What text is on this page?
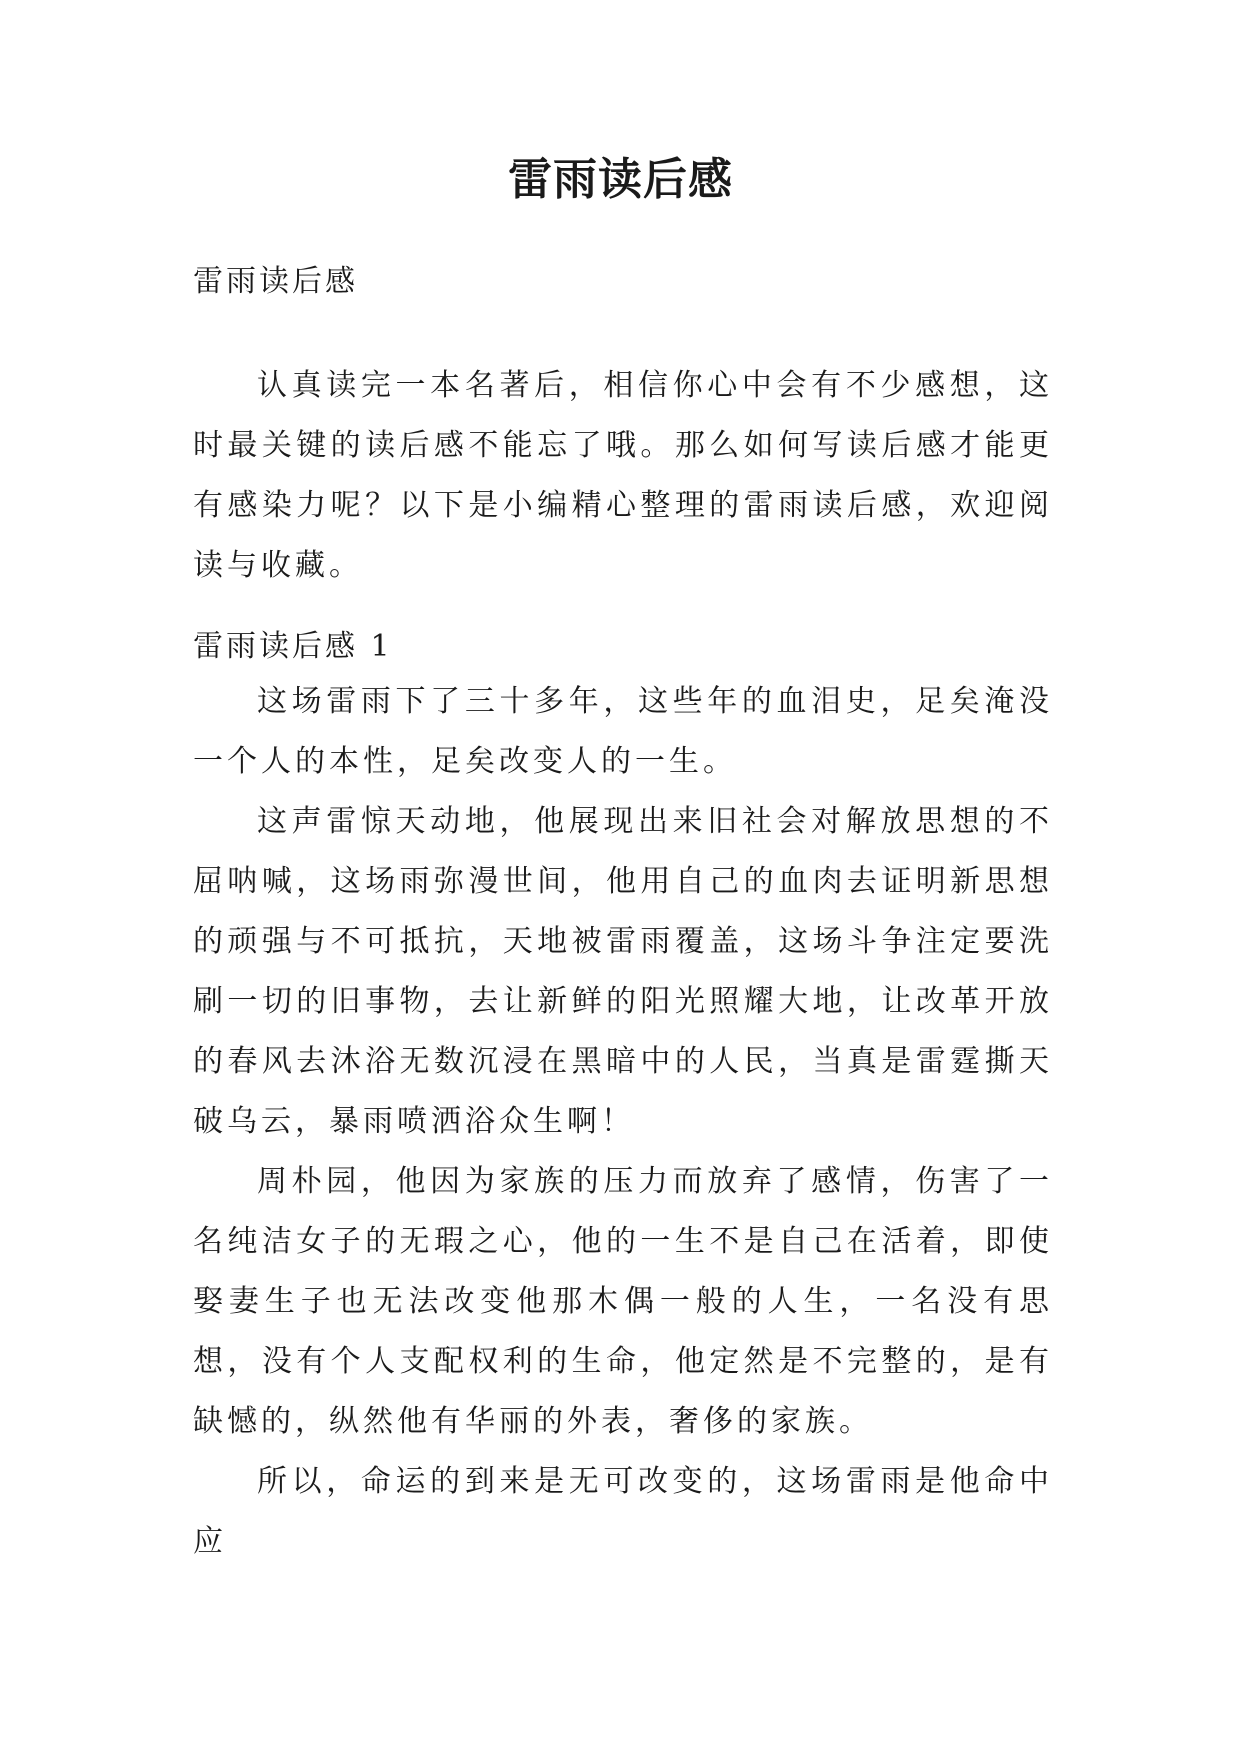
雷雨读后感
雷雨读后感

认真读完一本名著后，相信你心中会有不少感想，这时最关键的读后感不能忘了哦。那么如何写读后感才能更有感染力呢？以下是小编精心整理的雷雨读后感，欢迎阅读与收藏。

雷雨读后感 1

这场雷雨下了三十多年，这些年的血泪史，足矣淹没一个人的本性，足矣改变人的一生。

这声雷惊天动地，他展现出来旧社会对解放思想的不屈呐喊，这场雨弥漫世间，他用自己的血肉去证明新思想的顽强与不可抵抗，天地被雷雨覆盖，这场斗争注定要洗刷一切的旧事物，去让新鲜的阳光照耀大地，让改革开放的春风去沐浴无数沉浸在黑暗中的人民，当真是雷霆撕天破乌云，暴雨喷洒浴众生啊！

周朴园，他因为家族的压力而放弃了感情，伤害了一名纯洁女子的无瑕之心，他的一生不是自己在活着，即使娶妻生子也无法改变他那木偶一般的人生，一名没有思想，没有个人支配权利的生命，他定然是不完整的，是有缺憾的，纵然他有华丽的外表，奢侈的家族。

所以，命运的到来是无可改变的，这场雷雨是他命中应
